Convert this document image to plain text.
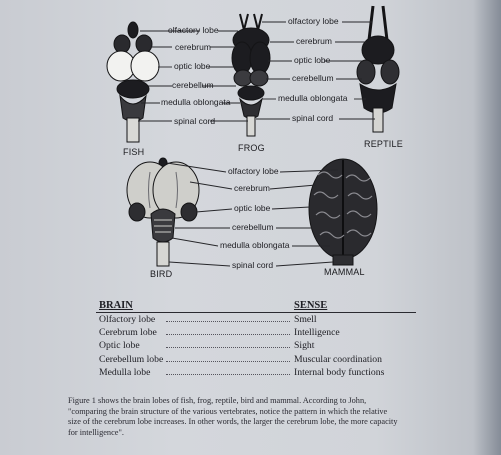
FISH	FROG	REPTILE
BIRD	MAMMAL
olfactory lobe
cerebrum
optic lobe
cerebellum
medulla oblongata
spinal cord
olfactory lobe
cerebrum
optic lobe
cerebellum
medulla oblongata
spinal cord
olfactory lobe
cerebrum
optic lobe
cerebellum
medulla oblongata
spinal cord
BRAIN	SENSE
Olfactory lobe	Smell
Cerebrum lobe	Intelligence
Optic lobe	Sight
Cerebellum lobe	Muscular coordination
Medulla lobe	Internal body functions

Figure 1 shows the brain lobes of fish, frog, reptile, bird and mammal. According to John,

"comparing the brain structure of the various vertebrates, notice the pattern in which the relative

size of the cerebrum lobe increases. In other words, the larger the cerebrum lobe, the more capacity

for intelligence".
